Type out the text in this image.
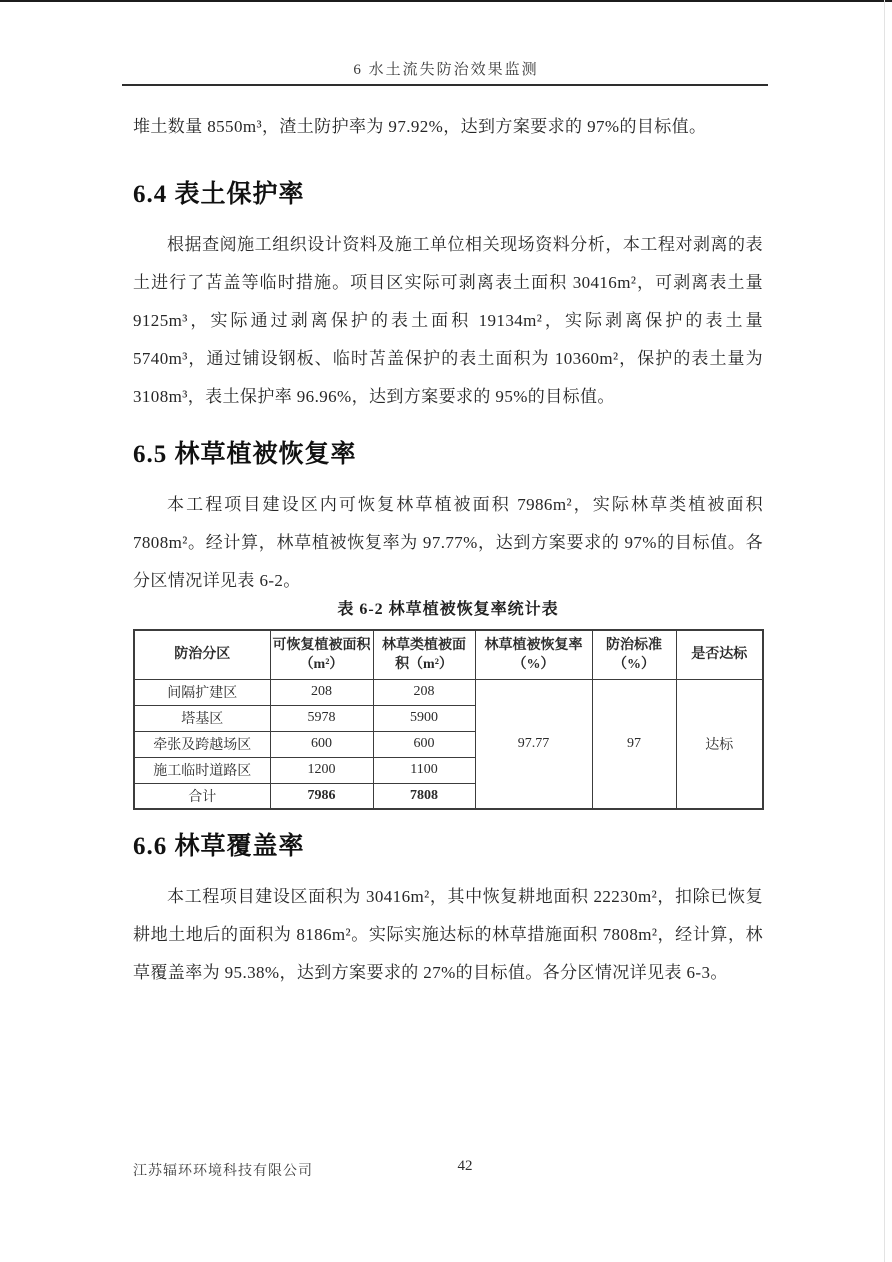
6 水土流失防治效果监测

堆土数量 8550m³，渣土防护率为 97.92%，达到方案要求的 97%的目标值。

6.4 表土保护率

根据查阅施工组织设计资料及施工单位相关现场资料分析，本工程对剥离的表土进行了苫盖等临时措施。项目区实际可剥离表土面积 30416m²，可剥离表土量 9125m³，实际通过剥离保护的表土面积 19134m²，实际剥离保护的表土量 5740m³，通过铺设钢板、临时苫盖保护的表土面积为 10360m²，保护的表土量为 3108m³，表土保护率 96.96%，达到方案要求的 95%的目标值。

6.5 林草植被恢复率

本工程项目建设区内可恢复林草植被面积 7986m²，实际林草类植被面积 7808m²。经计算，林草植被恢复率为 97.77%，达到方案要求的 97%的目标值。各分区情况详见表 6-2。

表 6-2 林草植被恢复率统计表
防治分区	可恢复植被面积（m²）	林草类植被面积（m²）	林草植被恢复率（%）	防治标准（%）	是否达标
间隔扩建区	208	208	97.77	97	达标
塔基区	5978	5900			
牵张及跨越场区	600	600			
施工临时道路区	1200	1100			
合计	7986	7808			
6.6 林草覆盖率

本工程项目建设区面积为 30416m²，其中恢复耕地面积 22230m²，扣除已恢复耕地土地后的面积为 8186m²。实际实施达标的林草措施面积 7808m²，经计算，林草覆盖率为 95.38%，达到方案要求的 27%的目标值。各分区情况详见表 6-3。

江苏辐环环境科技有限公司	42
